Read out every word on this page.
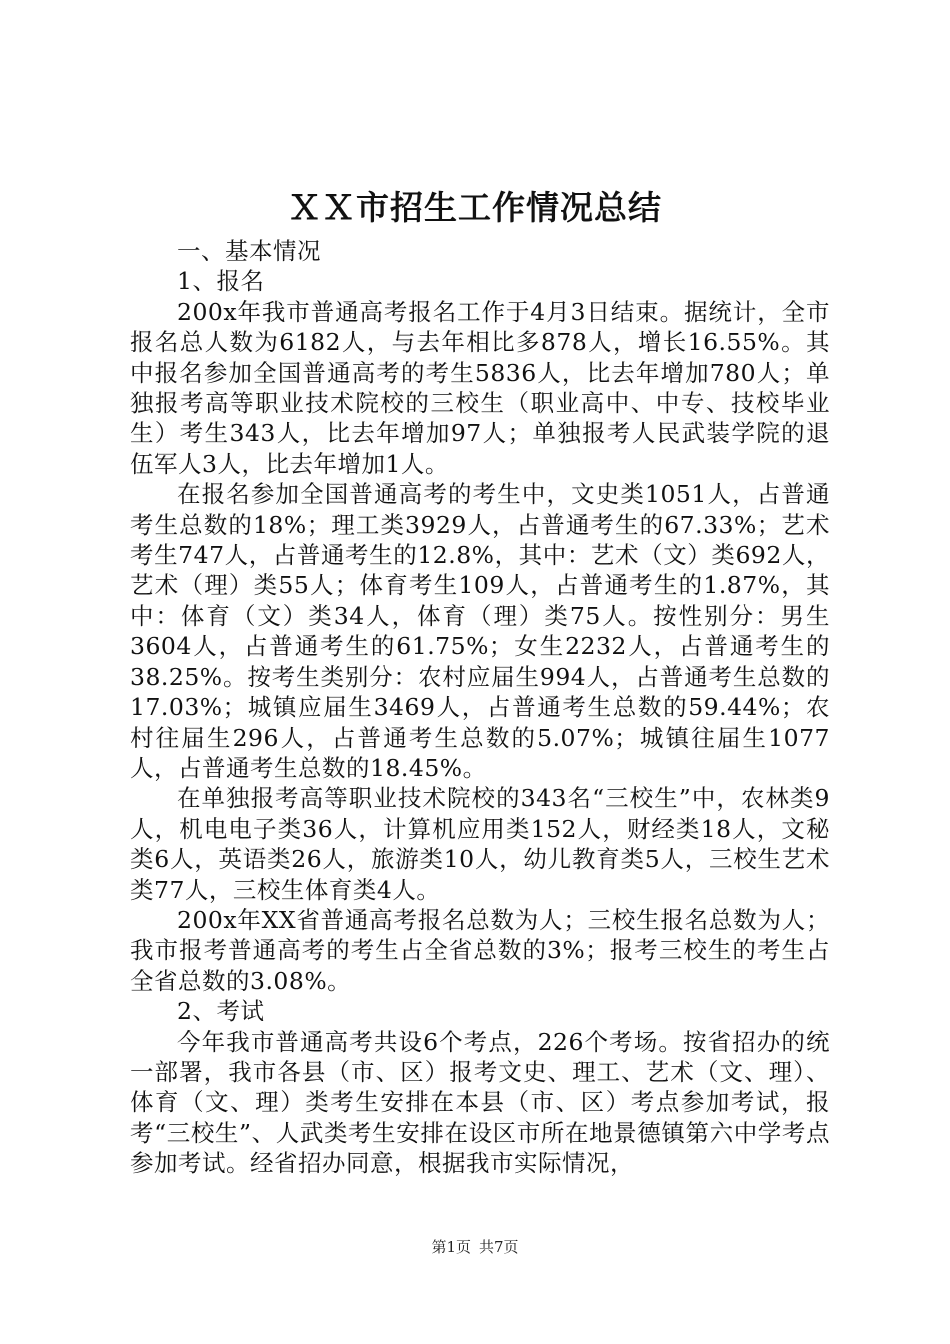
ＸＸ市招生工作情况总结

一、基本情况

1、报名

200x年我市普通高考报名工作于4月3日结束。据统计，全市报名总人数为6182人，与去年相比多878人，增长16.55%。其中报名参加全国普通高考的考生5836人，比去年增加780人；单独报考高等职业技术院校的三校生（职业高中、中专、技校毕业生）考生343人，比去年增加97人；单独报考人民武装学院的退伍军人3人，比去年增加1人。

在报名参加全国普通高考的考生中，文史类1051人，占普通考生总数的18%；理工类3929人，占普通考生的67.33%；艺术考生747人，占普通考生的12.8%，其中：艺术（文）类692人，艺术（理）类55人；体育考生109人，占普通考生的1.87%，其中：体育（文）类34人，体育（理）类75人。按性别分：男生3604人，占普通考生的61.75%；女生2232人，占普通考生的38.25%。按考生类别分：农村应届生994人，占普通考生总数的17.03%；城镇应届生3469人，占普通考生总数的59.44%；农村往届生296人，占普通考生总数的5.07%；城镇往届生1077人，占普通考生总数的18.45%。

在单独报考高等职业技术院校的343名“三校生”中，农林类9人，机电电子类36人，计算机应用类152人，财经类18人，文秘类6人，英语类26人，旅游类10人，幼儿教育类5人，三校生艺术类77人，三校生体育类4人。

200x年XX省普通高考报名总数为人；三校生报名总数为人；我市报考普通高考的考生占全省总数的3%；报考三校生的考生占全省总数的3.08%。

2、考试

今年我市普通高考共设6个考点，226个考场。按省招办的统一部署，我市各县（市、区）报考文史、理工、艺术（文、理）、体育（文、理）类考生安排在本县（市、区）考点参加考试，报考“三校生”、人武类考生安排在设区市所在地景德镇第六中学考点参加考试。经省招办同意，根据我市实际情况，

第1页 共7页
